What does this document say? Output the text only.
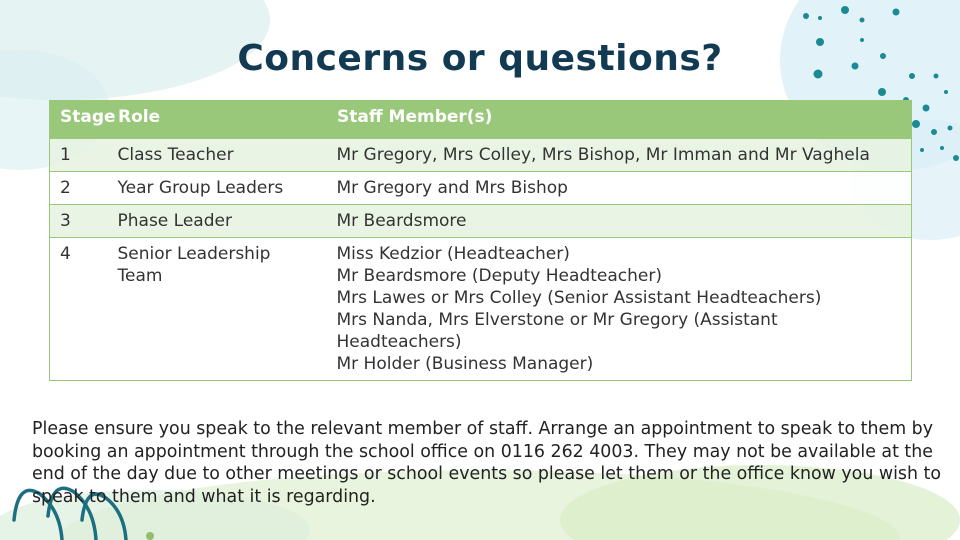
Concerns or questions?
Stage	Role	Staff Member(s)
1	Class Teacher	Mr Gregory, Mrs Colley, Mrs Bishop, Mr Imman and Mr Vaghela

2	Year Group Leaders	Mr Gregory and Mrs Bishop

3	Phase Leader	Mr Beardsmore

4	Senior Leadership Team	Miss Kedzior (Headteacher)
Mr Beardsmore (Deputy Headteacher)
Mrs Lawes or Mrs Colley (Senior Assistant Headteachers)
Mrs Nanda, Mrs Elverstone or Mr Gregory (Assistant Headteachers)
Mr Holder (Business Manager)

Please ensure you speak to the relevant member of staff. Arrange an appointment to speak to them by booking an appointment through the school office on 0116 262 4003. They may not be available at the end of the day due to other meetings or school events so please let them or the office know you wish to speak to them and what it is regarding.
